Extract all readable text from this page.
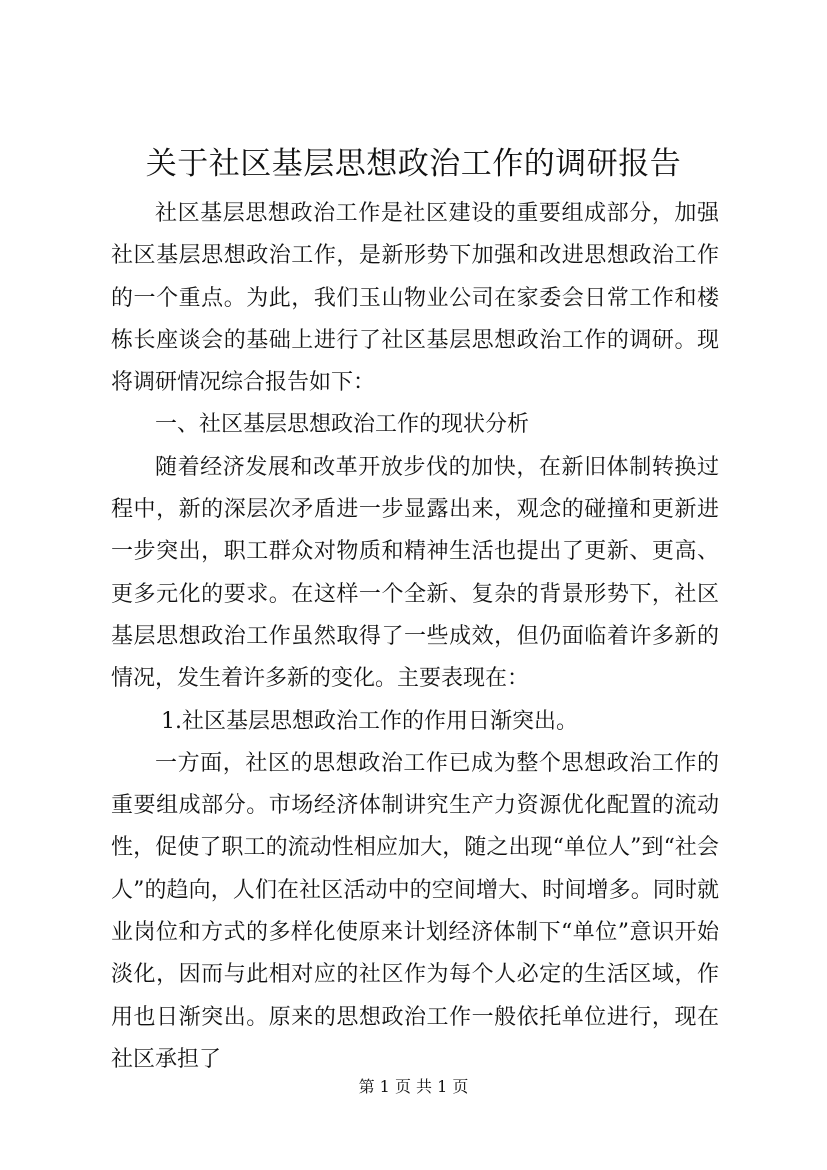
关于社区基层思想政治工作的调研报告

社区基层思想政治工作是社区建设的重要组成部分，加强社区基层思想政治工作，是新形势下加强和改进思想政治工作的一个重点。为此，我们玉山物业公司在家委会日常工作和楼栋长座谈会的基础上进行了社区基层思想政治工作的调研。现将调研情况综合报告如下：

一、社区基层思想政治工作的现状分析

随着经济发展和改革开放步伐的加快，在新旧体制转换过程中，新的深层次矛盾进一步显露出来，观念的碰撞和更新进一步突出，职工群众对物质和精神生活也提出了更新、更高、更多元化的要求。在这样一个全新、复杂的背景形势下，社区基层思想政治工作虽然取得了一些成效，但仍面临着许多新的情况，发生着许多新的变化。主要表现在：

1.社区基层思想政治工作的作用日渐突出。

一方面，社区的思想政治工作已成为整个思想政治工作的重要组成部分。市场经济体制讲究生产力资源优化配置的流动性，促使了职工的流动性相应加大，随之出现“单位人”到“社会人”的趋向，人们在社区活动中的空间增大、时间增多。同时就业岗位和方式的多样化使原来计划经济体制下“单位”意识开始淡化，因而与此相对应的社区作为每个人必定的生活区域，作用也日渐突出。原来的思想政治工作一般依托单位进行，现在社区承担了

第 1 页 共 1 页
